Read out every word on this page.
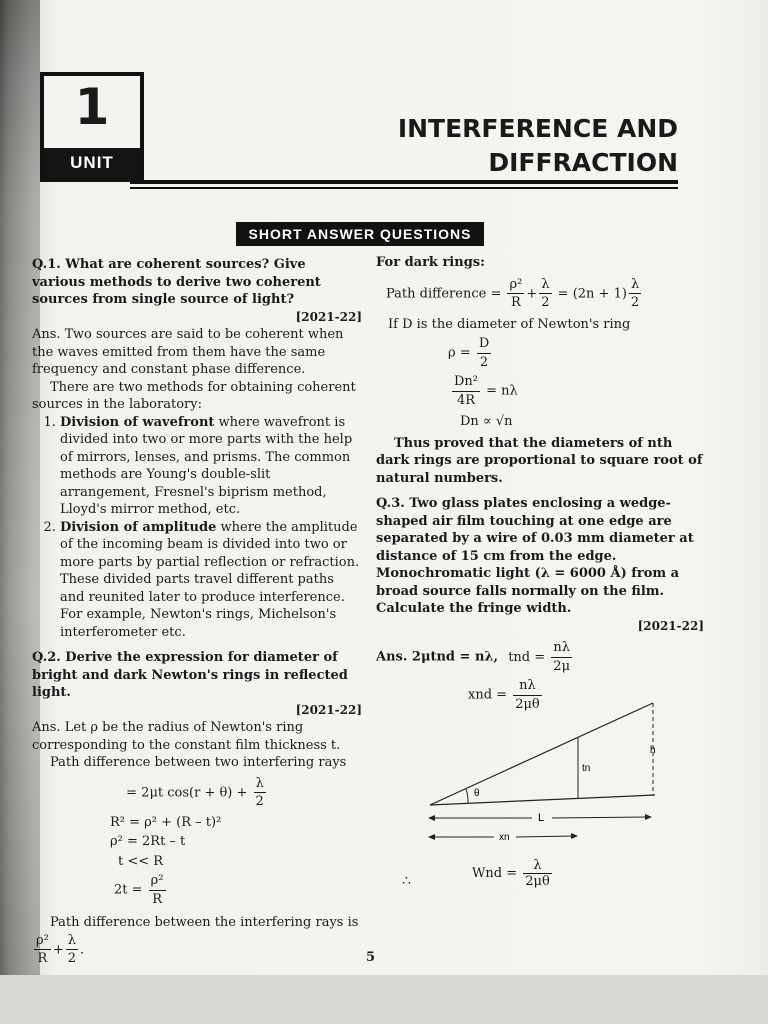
1
UNIT
INTERFERENCE AND
DIFFRACTION
SHORT ANSWER QUESTIONS

Q.1. What are coherent sources? Give various methods to derive two coherent sources from single source of light?

[2021-22]

Ans. Two sources are said to be coherent when the waves emitted from them have the same frequency and constant phase difference.

There are two methods for obtaining coherent sources in the laboratory:

1. Division of wavefront where wavefront is divided into two or more parts with the help of mirrors, lenses, and prisms. The common methods are Young's double-slit arrangement, Fresnel's biprism method, Lloyd's mirror method, etc.
2. Division of amplitude where the amplitude of the incoming beam is divided into two or more parts by partial reflection or refraction. These divided parts travel different paths and reunited later to produce interference. For example, Newton's rings, Michelson's interferometer etc.

Q.2. Derive the expression for diameter of bright and dark Newton's rings in reflected light.

[2021-22]

Ans. Let ρ be the radius of Newton's ring corresponding to the constant film thickness t.

Path difference between two interfering rays

= 2μt $\cos(r + \theta) + \frac{\lambda}{2}$
R² = ρ² + (R – t)²
ρ² = 2Rt – t
t << R
$2t = \frac{\text{ρ²}}{R}$

Path difference between the interfering rays is

$\frac{\text{ρ²}}{R} + \frac{\lambda}{2}$ .

For dark rings:

Path difference = $\frac{\text{ρ²}}{R} + \frac{\lambda}{2} = (2n + 1) \frac{\lambda}{2}$

If D is the diameter of Newton's ring

$\rho = \frac{D}{2}$
$\frac{\text{Dn²}}{4R} = n\lambda$
Dn ∝ √n

Thus proved that the diameters of nth dark rings are proportional to square root of natural numbers.

Q.3. Two glass plates enclosing a wedge-shaped air film touching at one edge are separated by a wire of 0.03 mm diameter at distance of 15 cm from the edge. Monochromatic light (λ = 6000 Å) from a broad source falls normally on the film. Calculate the fringe width.

[2021-22]
Ans. 2μtnd = nλ, tnd = $\frac{n\lambda}{2\mu}$
xnd = $\frac{n\lambda}{2\mu\theta}$
θ
tn
h
L
xn
∴	Wnd = $\frac{\lambda}{2\mu\theta}$
5
